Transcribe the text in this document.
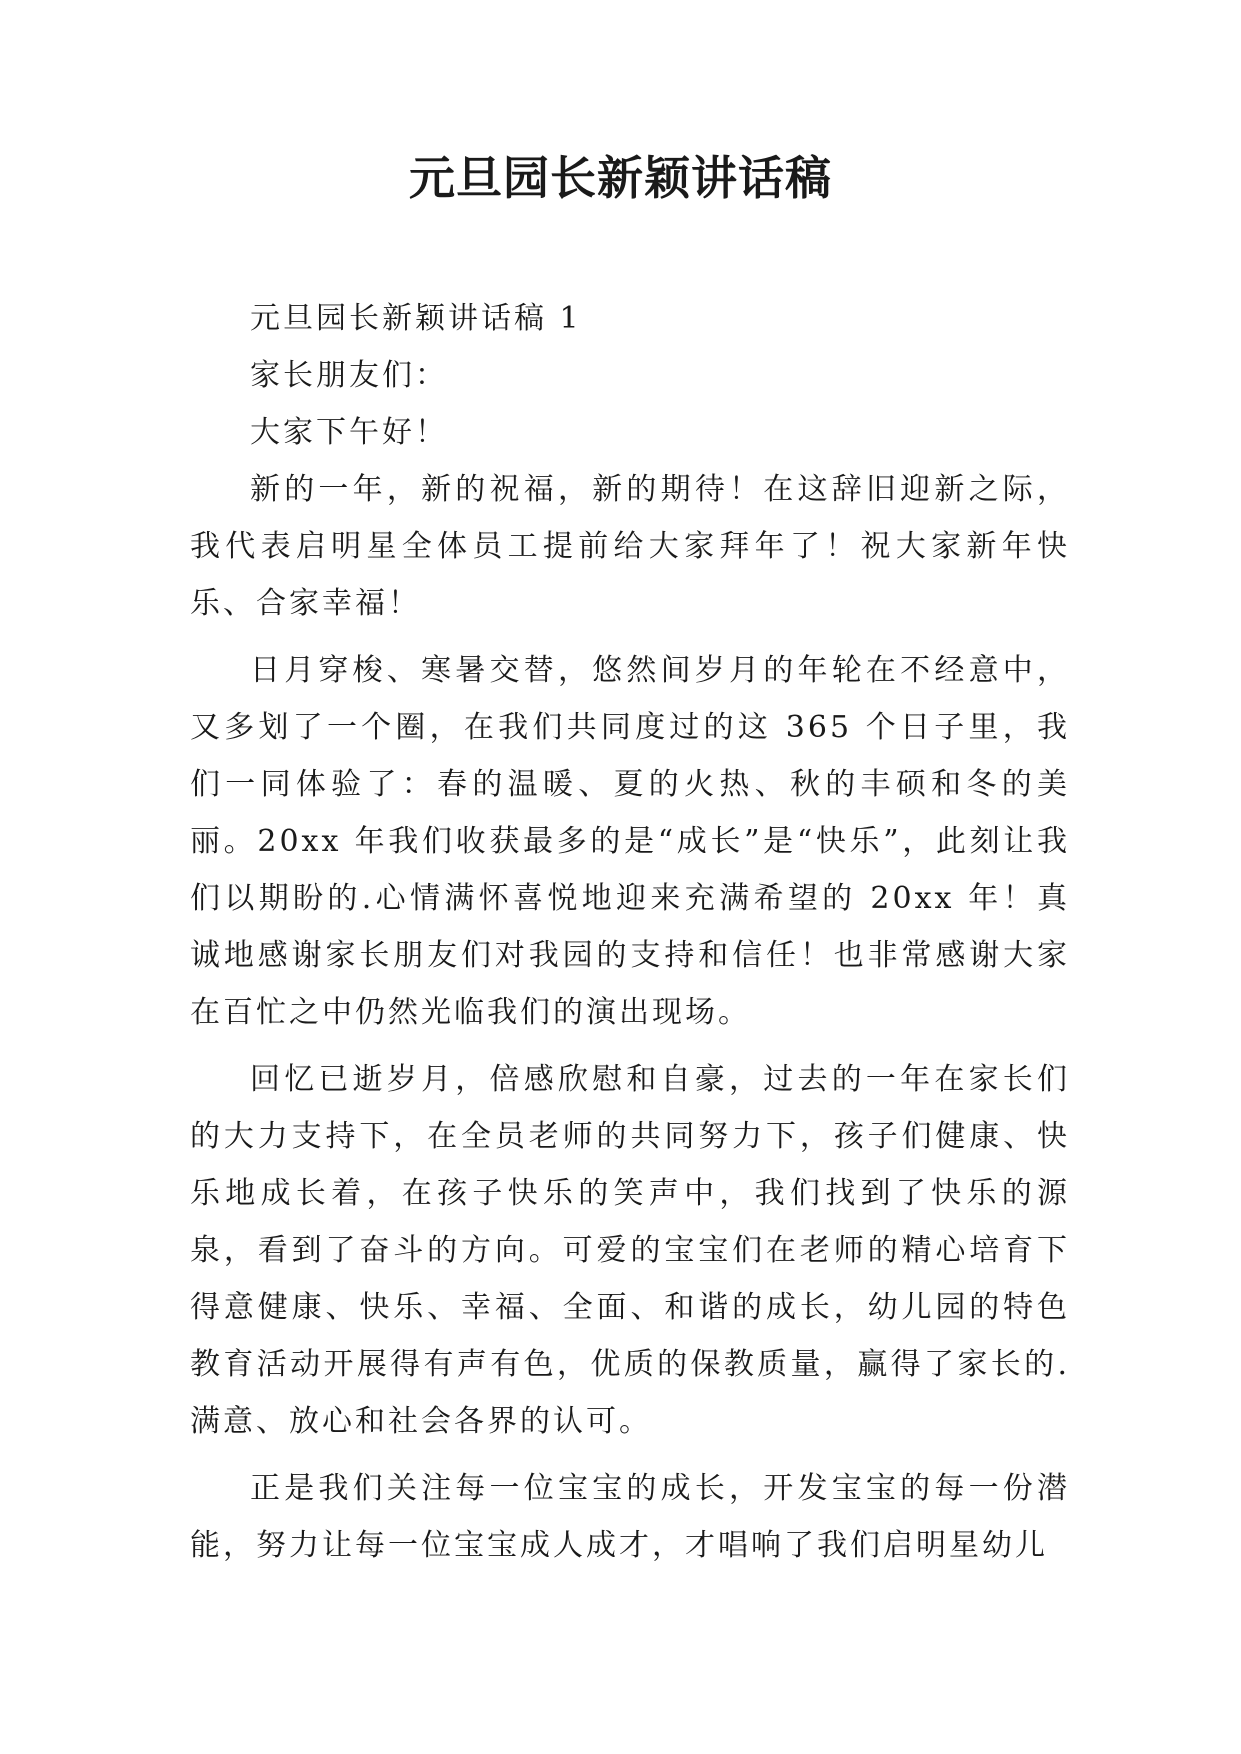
元旦园长新颖讲话稿

元旦园长新颖讲话稿 1

家长朋友们：

大家下午好！

新的一年，新的祝福，新的期待！在这辞旧迎新之际，我代表启明星全体员工提前给大家拜年了！祝大家新年快乐、合家幸福！

日月穿梭、寒暑交替，悠然间岁月的年轮在不经意中，又多划了一个圈，在我们共同度过的这 365 个日子里，我们一同体验了：春的温暖、夏的火热、秋的丰硕和冬的美丽。20xx 年我们收获最多的是“成长”是“快乐”，此刻让我们以期盼的.心情满怀喜悦地迎来充满希望的 20xx 年！真诚地感谢家长朋友们对我园的支持和信任！也非常感谢大家在百忙之中仍然光临我们的演出现场。

回忆已逝岁月，倍感欣慰和自豪，过去的一年在家长们的大力支持下，在全员老师的共同努力下，孩子们健康、快乐地成长着，在孩子快乐的笑声中，我们找到了快乐的源泉，看到了奋斗的方向。可爱的宝宝们在老师的精心培育下得意健康、快乐、幸福、全面、和谐的成长，幼儿园的特色教育活动开展得有声有色，优质的保教质量，赢得了家长的.满意、放心和社会各界的认可。

正是我们关注每一位宝宝的成长，开发宝宝的每一份潜能，努力让每一位宝宝成人成才，才唱响了我们启明星幼儿
